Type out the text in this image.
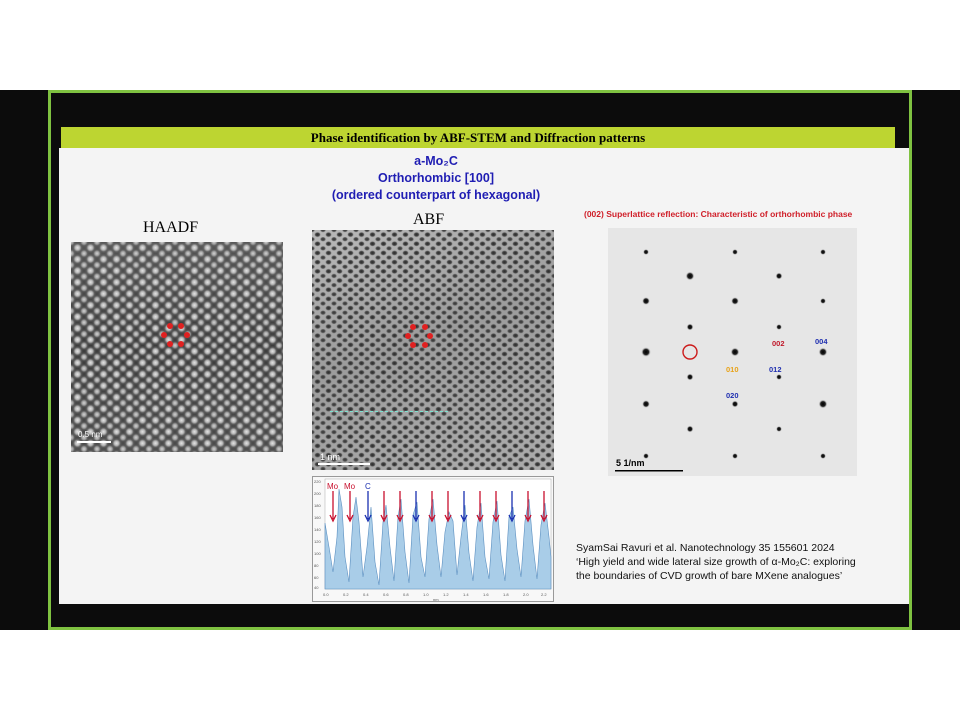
Phase identification by ABF-STEM and Diffraction patterns
a-Mo₂C
Orthorhombic [100]
(ordered counterpart of hexagonal)
HAADF
0.5 nm
ABF
1 nm
Mo Mo C
220
200
180
160
140
120
100
80
60
40
0.0	0.2	0.4	0.6	0.8	1.0	1.2	1.4	1.6	1.8	2.0	2.2
nm
(002) Superlattice reflection: Characteristic of orthorhombic phase
002	004
010	012
020
5 1/nm
SyamSai Ravuri et al. Nanotechnology 35 155601 2024
‘High yield and wide lateral size growth of α-Mo₂C: exploring
the boundaries of CVD growth of bare MXene analogues’
